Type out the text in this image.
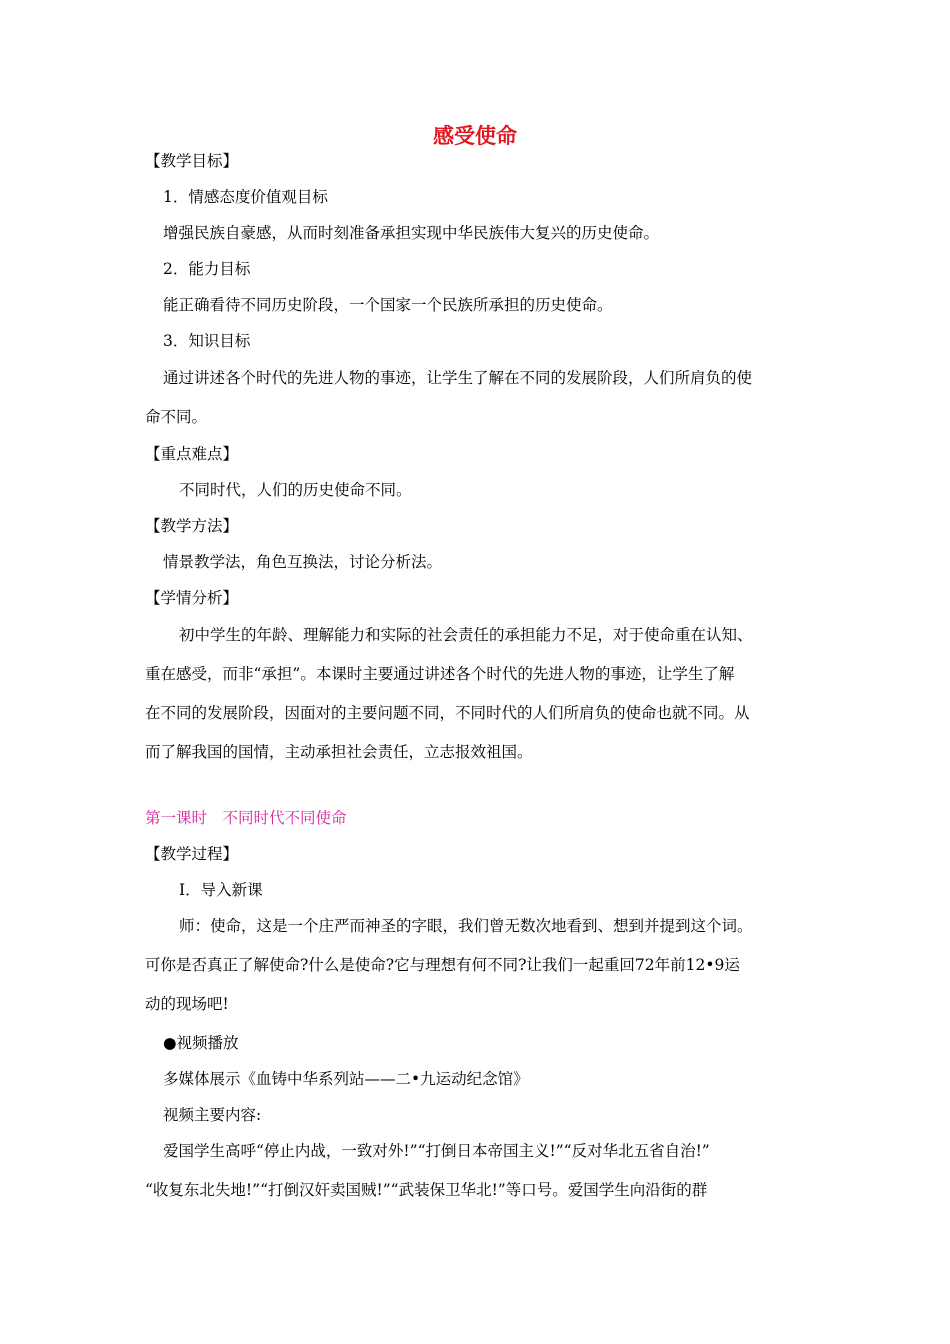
感受使命
【教学目标】
1．情感态度价值观目标
增强民族自豪感，从而时刻准备承担实现中华民族伟大复兴的历史使命。
2．能力目标
能正确看待不同历史阶段，一个国家一个民族所承担的历史使命。
3．知识目标
通过讲述各个时代的先进人物的事迹，让学生了解在不同的发展阶段，人们所肩负的使
命不同。
【重点难点】
不同时代，人们的历史使命不同。
【教学方法】
情景教学法，角色互换法，讨论分析法。
【学情分析】
初中学生的年龄、理解能力和实际的社会责任的承担能力不足，对于使命重在认知、
重在感受，而非“承担”。本课时主要通过讲述各个时代的先进人物的事迹，让学生了解
在不同的发展阶段，因面对的主要问题不同，不同时代的人们所肩负的使命也就不同。从
而了解我国的国情，主动承担社会责任，立志报效祖国。
第一课时　不同时代不同使命
【教学过程】
Ⅰ．导入新课
师：使命，这是一个庄严而神圣的字眼，我们曾无数次地看到、想到并提到这个词。
可你是否真正了解使命?什么是使命?它与理想有何不同?让我们一起重回72年前12•9运
动的现场吧!
●视频播放
多媒体展示《血铸中华系列站——二•九运动纪念馆》
视频主要内容:
爱国学生高呼“停止内战，一致对外!”“打倒日本帝国主义!”“反对华北五省自治!”
“收复东北失地!”“打倒汉奸卖国贼!”“武装保卫华北!”等口号。爱国学生向沿街的群
